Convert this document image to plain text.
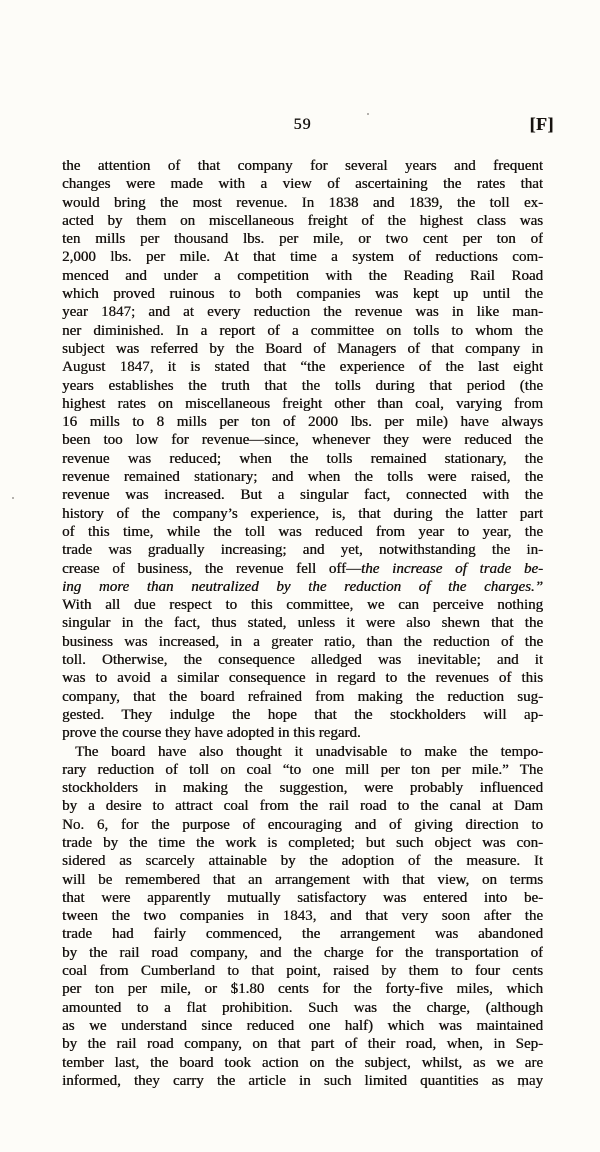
59	[F]
the attention of that company for several years and frequent
changes were made with a view of ascertaining the rates that
would bring the most revenue. In 1838 and 1839, the toll ex-
acted by them on miscellaneous freight of the highest class was
ten mills per thousand lbs. per mile, or two cent per ton of
2,000 lbs. per mile. At that time a system of reductions com-
menced and under a competition with the Reading Rail Road
which proved ruinous to both companies was kept up until the
year 1847; and at every reduction the revenue was in like man-
ner diminished. In a report of a committee on tolls to whom the
subject was referred by the Board of Managers of that company in
August 1847, it is stated that “the experience of the last eight
years establishes the truth that the tolls during that period (the
highest rates on miscellaneous freight other than coal, varying from
16 mills to 8 mills per ton of 2000 lbs. per mile) have always
been too low for revenue—since, whenever they were reduced the
revenue was reduced; when the tolls remained stationary, the
revenue remained stationary; and when the tolls were raised, the
revenue was increased. But a singular fact, connected with the
history of the company’s experience, is, that during the latter part
of this time, while the toll was reduced from year to year, the
trade was gradually increasing; and yet, notwithstanding the in-
crease of business, the revenue fell off—the increase of trade be-
ing more than neutralized by the reduction of the charges.”
With all due respect to this committee, we can perceive nothing
singular in the fact, thus stated, unless it were also shewn that the
business was increased, in a greater ratio, than the reduction of the
toll. Otherwise, the consequence alledged was inevitable; and it
was to avoid a similar consequence in regard to the revenues of this
company, that the board refrained from making the reduction sug-
gested. They indulge the hope that the stockholders will ap-
prove the course they have adopted in this regard.
The board have also thought it unadvisable to make the tempo-
rary reduction of toll on coal “to one mill per ton per mile.” The
stockholders in making the suggestion, were probably influenced
by a desire to attract coal from the rail road to the canal at Dam
No. 6, for the purpose of encouraging and of giving direction to
trade by the time the work is completed; but such object was con-
sidered as scarcely attainable by the adoption of the measure. It
will be remembered that an arrangement with that view, on terms
that were apparently mutually satisfactory was entered into be-
tween the two companies in 1843, and that very soon after the
trade had fairly commenced, the arrangement was abandoned
by the rail road company, and the charge for the transportation of
coal from Cumberland to that point, raised by them to four cents
per ton per mile, or $1.80 cents for the forty-five miles, which
amounted to a flat prohibition. Such was the charge, (although
as we understand since reduced one half) which was maintained
by the rail road company, on that part of their road, when, in Sep-
tember last, the board took action on the subject, whilst, as we are
informed, they carry the article in such limited quantities as may
